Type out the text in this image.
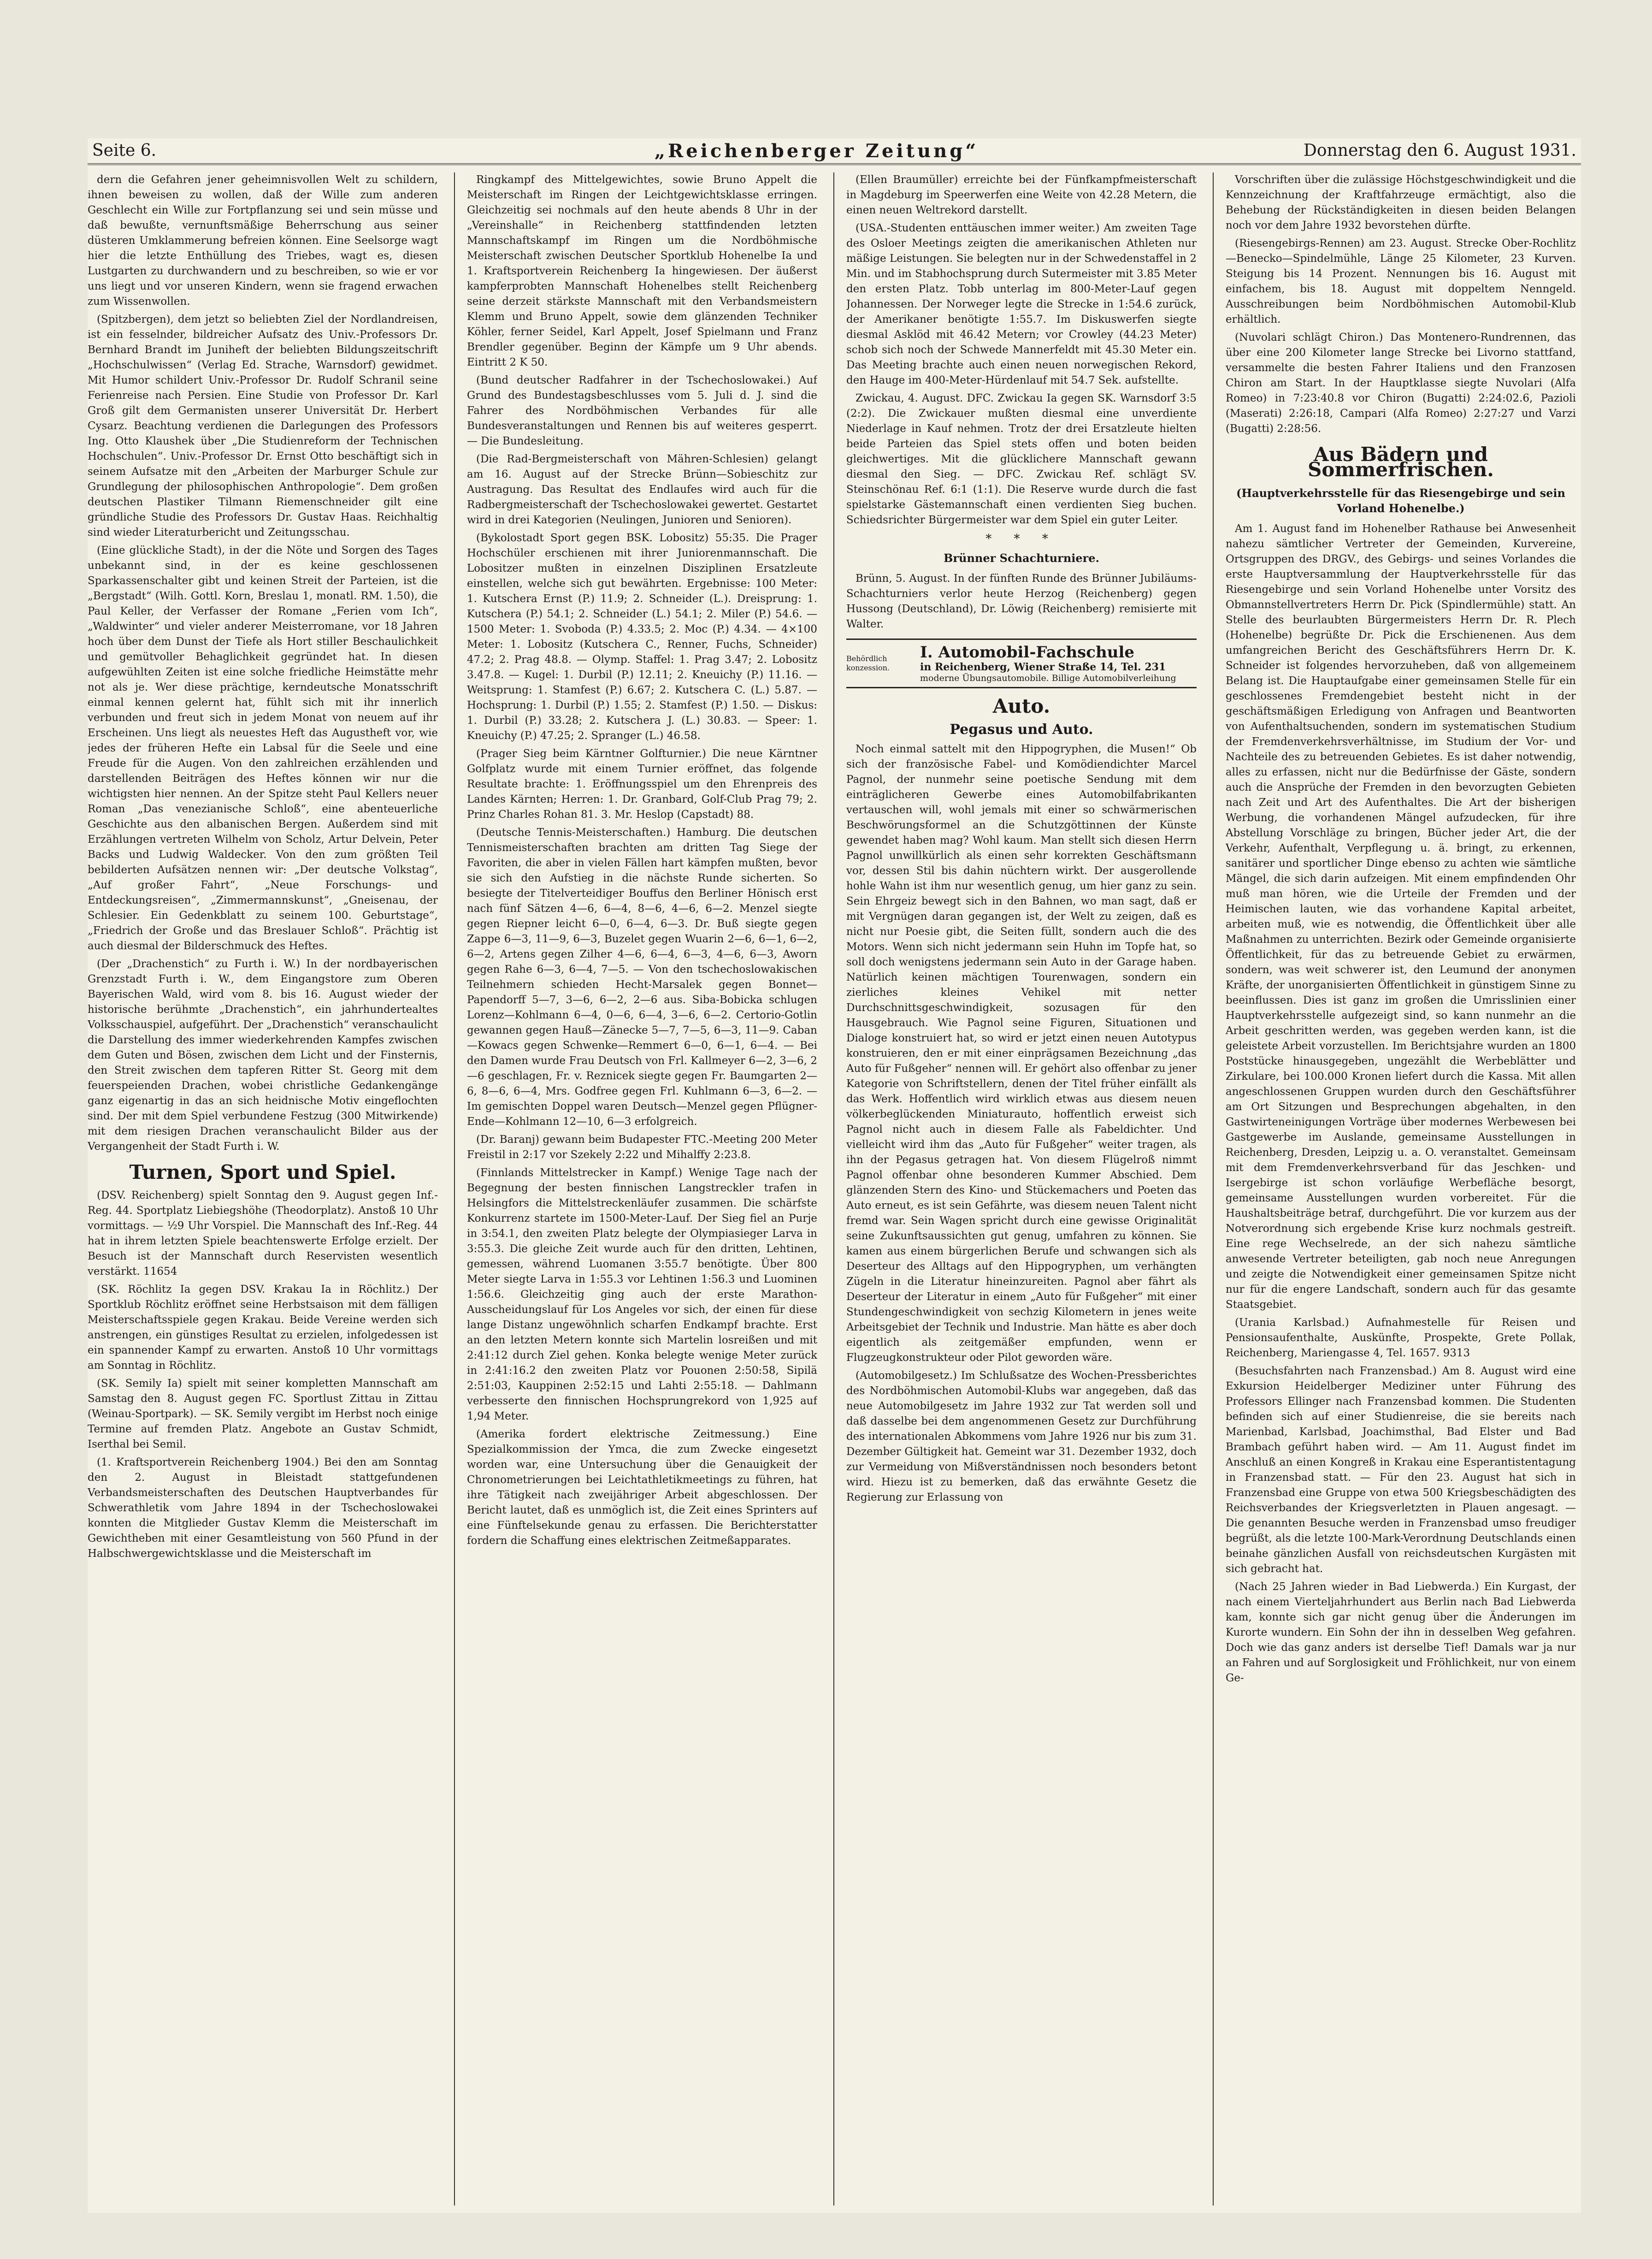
Seite 6.	„Reichenberger Zeitung“	Donnerstag den 6. August 1931.

dern die Gefahren jener geheimnisvollen Welt zu schildern, ihnen beweisen zu wollen, daß der Wille zum anderen Geschlecht ein Wille zur Fortpflanzung sei und sein müsse und daß bewußte, vernunftsmäßige Beherrschung aus seiner düsteren Umklammerung befreien können. Eine Seelsorge wagt hier die letzte Enthüllung des Triebes, wagt es, diesen Lustgarten zu durchwandern und zu beschreiben, so wie er vor uns liegt und vor unseren Kindern, wenn sie fragend erwachen zum Wissenwollen.

(Spitzbergen), dem jetzt so beliebten Ziel der Nordlandreisen, ist ein fesselnder, bildreicher Aufsatz des Univ.-Professors Dr. Bernhard Brandt im Juniheft der beliebten Bildungszeitschrift „Hochschulwissen“ (Verlag Ed. Strache, Warnsdorf) gewidmet. Mit Humor schildert Univ.-Professor Dr. Rudolf Schranil seine Ferienreise nach Persien. Eine Studie von Professor Dr. Karl Groß gilt dem Germanisten unserer Universität Dr. Herbert Cysarz. Beachtung verdienen die Darlegungen des Professors Ing. Otto Klaushek über „Die Studienreform der Technischen Hochschulen“. Univ.-Professor Dr. Ernst Otto beschäftigt sich in seinem Aufsatze mit den „Arbeiten der Marburger Schule zur Grundlegung der philosophischen Anthropologie“. Dem großen deutschen Plastiker Tilmann Riemenschneider gilt eine gründliche Studie des Professors Dr. Gustav Haas. Reichhaltig sind wieder Literaturbericht und Zeitungsschau.

(Eine glückliche Stadt), in der die Nöte und Sorgen des Tages unbekannt sind, in der es keine geschlossenen Sparkassenschalter gibt und keinen Streit der Parteien, ist die „Bergstadt“ (Wilh. Gottl. Korn, Breslau 1, monatl. RM. 1.50), die Paul Keller, der Verfasser der Romane „Ferien vom Ich“, „Waldwinter“ und vieler anderer Meisterromane, vor 18 Jahren hoch über dem Dunst der Tiefe als Hort stiller Beschaulichkeit und gemütvoller Behaglichkeit gegründet hat. In diesen aufgewühlten Zeiten ist eine solche friedliche Heimstätte mehr not als je. Wer diese prächtige, kerndeutsche Monatsschrift einmal kennen gelernt hat, fühlt sich mit ihr innerlich verbunden und freut sich in jedem Monat von neuem auf ihr Erscheinen. Uns liegt als neuestes Heft das Augustheft vor, wie jedes der früheren Hefte ein Labsal für die Seele und eine Freude für die Augen. Von den zahlreichen erzählenden und darstellenden Beiträgen des Heftes können wir nur die wichtigsten hier nennen. An der Spitze steht Paul Kellers neuer Roman „Das venezianische Schloß“, eine abenteuerliche Geschichte aus den albanischen Bergen. Außerdem sind mit Erzählungen vertreten Wilhelm von Scholz, Artur Delvein, Peter Backs und Ludwig Waldecker. Von den zum größten Teil bebilderten Aufsätzen nennen wir: „Der deutsche Volkstag“, „Auf großer Fahrt“, „Neue Forschungs- und Entdeckungsreisen“, „Zimmermannskunst“, „Gneisenau, der Schlesier. Ein Gedenkblatt zu seinem 100. Geburtstage“, „Friedrich der Große und das Breslauer Schloß“. Prächtig ist auch diesmal der Bilderschmuck des Heftes.

(Der „Drachenstich“ zu Furth i. W.) In der nordbayerischen Grenzstadt Furth i. W., dem Eingangstore zum Oberen Bayerischen Wald, wird vom 8. bis 16. August wieder der historische berühmte „Drachenstich“, ein jahrhundertealtes Volksschauspiel, aufgeführt. Der „Drachenstich“ veranschaulicht die Darstellung des immer wiederkehrenden Kampfes zwischen dem Guten und Bösen, zwischen dem Licht und der Finsternis, den Streit zwischen dem tapferen Ritter St. Georg mit dem feuerspeienden Drachen, wobei christliche Gedankengänge ganz eigenartig in das an sich heidnische Motiv eingeflochten sind. Der mit dem Spiel verbundene Festzug (300 Mitwirkende) mit dem riesigen Drachen veranschaulicht Bilder aus der Vergangenheit der Stadt Furth i. W.

Turnen, Sport und Spiel.

(DSV. Reichenberg) spielt Sonntag den 9. August gegen Inf.-Reg. 44. Sportplatz Liebiegshöhe (Theodorplatz). Anstoß 10 Uhr vormittags. — ½9 Uhr Vorspiel. Die Mannschaft des Inf.-Reg. 44 hat in ihrem letzten Spiele beachtenswerte Erfolge erzielt. Der Besuch ist der Mannschaft durch Reservisten wesentlich verstärkt. 11654

(SK. Röchlitz Ia gegen DSV. Krakau Ia in Röchlitz.) Der Sportklub Röchlitz eröffnet seine Herbstsaison mit dem fälligen Meisterschaftsspiele gegen Krakau. Beide Vereine werden sich anstrengen, ein günstiges Resultat zu erzielen, infolgedessen ist ein spannender Kampf zu erwarten. Anstoß 10 Uhr vormittags am Sonntag in Röchlitz.

(SK. Semily Ia) spielt mit seiner kompletten Mannschaft am Samstag den 8. August gegen FC. Sportlust Zittau in Zittau (Weinau-Sportpark). — SK. Semily vergibt im Herbst noch einige Termine auf fremden Platz. Angebote an Gustav Schmidt, Iserthal bei Semil.

(1. Kraftsportverein Reichenberg 1904.) Bei den am Sonntag den 2. August in Bleistadt stattgefundenen Verbandsmeisterschaften des Deutschen Hauptverbandes für Schwerathletik vom Jahre 1894 in der Tschechoslowakei konnten die Mitglieder Gustav Klemm die Meisterschaft im Gewichtheben mit einer Gesamtleistung von 560 Pfund in der Halbschwergewichtsklasse und die Meisterschaft im

Ringkampf des Mittelgewichtes, sowie Bruno Appelt die Meisterschaft im Ringen der Leichtgewichtsklasse erringen. Gleichzeitig sei nochmals auf den heute abends 8 Uhr in der „Vereinshalle“ in Reichenberg stattfindenden letzten Mannschaftskampf im Ringen um die Nordböhmische Meisterschaft zwischen Deutscher Sportklub Hohenelbe Ia und 1. Kraftsportverein Reichenberg Ia hingewiesen. Der äußerst kampferprobten Mannschaft Hohenelbes stellt Reichenberg seine derzeit stärkste Mannschaft mit den Verbandsmeistern Klemm und Bruno Appelt, sowie dem glänzenden Techniker Köhler, ferner Seidel, Karl Appelt, Josef Spielmann und Franz Brendler gegenüber. Beginn der Kämpfe um 9 Uhr abends. Eintritt 2 K 50.

(Bund deutscher Radfahrer in der Tschechoslowakei.) Auf Grund des Bundestagsbeschlusses vom 5. Juli d. J. sind die Fahrer des Nordböhmischen Verbandes für alle Bundesveranstaltungen und Rennen bis auf weiteres gesperrt. — Die Bundesleitung.

(Die Rad-Bergmeisterschaft von Mähren-Schlesien) gelangt am 16. August auf der Strecke Brünn—Sobieschitz zur Austragung. Das Resultat des Endlaufes wird auch für die Radbergmeisterschaft der Tschechoslowakei gewertet. Gestartet wird in drei Kategorien (Neulingen, Junioren und Senioren).

(Bykolostadt Sport gegen BSK. Lobositz) 55:35. Die Prager Hochschüler erschienen mit ihrer Juniorenmannschaft. Die Lobositzer mußten in einzelnen Disziplinen Ersatzleute einstellen, welche sich gut bewährten. Ergebnisse: 100 Meter: 1. Kutschera Ernst (P.) 11.9; 2. Schneider (L.). Dreisprung: 1. Kutschera (P.) 54.1; 2. Schneider (L.) 54.1; 2. Miler (P.) 54.6. — 1500 Meter: 1. Svoboda (P.) 4.33.5; 2. Moc (P.) 4.34. — 4×100 Meter: 1. Lobositz (Kutschera C., Renner, Fuchs, Schneider) 47.2; 2. Prag 48.8. — Olymp. Staffel: 1. Prag 3.47; 2. Lobositz 3.47.8. — Kugel: 1. Durbil (P.) 12.11; 2. Kneuichy (P.) 11.16. — Weitsprung: 1. Stamfest (P.) 6.67; 2. Kutschera C. (L.) 5.87. — Hochsprung: 1. Durbil (P.) 1.55; 2. Stamfest (P.) 1.50. — Diskus: 1. Durbil (P.) 33.28; 2. Kutschera J. (L.) 30.83. — Speer: 1. Kneuichy (P.) 47.25; 2. Spranger (L.) 46.58.

(Prager Sieg beim Kärntner Golfturnier.) Die neue Kärntner Golfplatz wurde mit einem Turnier eröffnet, das folgende Resultate brachte: 1. Eröffnungsspiel um den Ehrenpreis des Landes Kärnten; Herren: 1. Dr. Granbard, Golf-Club Prag 79; 2. Prinz Charles Rohan 81. 3. Mr. Heslop (Capstadt) 88.

(Deutsche Tennis-Meisterschaften.) Hamburg. Die deutschen Tennismeisterschaften brachten am dritten Tag Siege der Favoriten, die aber in vielen Fällen hart kämpfen mußten, bevor sie sich den Aufstieg in die nächste Runde sicherten. So besiegte der Titelverteidiger Bouffus den Berliner Hönisch erst nach fünf Sätzen 4—6, 6—4, 8—6, 4—6, 6—2. Menzel siegte gegen Riepner leicht 6—0, 6—4, 6—3. Dr. Buß siegte gegen Zappe 6—3, 11—9, 6—3, Buzelet gegen Wuarin 2—6, 6—1, 6—2, 6—2, Artens gegen Zilher 4—6, 6—4, 6—3, 4—6, 6—3, Aworn gegen Rahe 6—3, 6—4, 7—5. — Von den tschechoslowakischen Teilnehmern schieden Hecht-Marsalek gegen Bonnet—Papendorff 5—7, 3—6, 6—2, 2—6 aus. Siba-Bobicka schlugen Lorenz—Kohlmann 6—4, 0—6, 6—4, 3—6, 6—2. Certorio-Gotlin gewannen gegen Hauß—Zänecke 5—7, 7—5, 6—3, 11—9. Caban—Kowacs gegen Schwenke—Remmert 6—0, 6—1, 6—4. — Bei den Damen wurde Frau Deutsch von Frl. Kallmeyer 6—2, 3—6, 2—6 geschlagen, Fr. v. Reznicek siegte gegen Fr. Baumgarten 2—6, 8—6, 6—4, Mrs. Godfree gegen Frl. Kuhlmann 6—3, 6—2. — Im gemischten Doppel waren Deutsch—Menzel gegen Pflügner-Ende—Kohlmann 12—10, 6—3 erfolgreich.

(Dr. Baranj) gewann beim Budapester FTC.-Meeting 200 Meter Freistil in 2:17 vor Szekely 2:22 und Mihalffy 2:23.8.

(Finnlands Mittelstrecker in Kampf.) Wenige Tage nach der Begegnung der besten finnischen Langstreckler trafen in Helsingfors die Mittelstreckenläufer zusammen. Die schärfste Konkurrenz startete im 1500-Meter-Lauf. Der Sieg fiel an Purje in 3:54.1, den zweiten Platz belegte der Olympiasieger Larva in 3:55.3. Die gleiche Zeit wurde auch für den dritten, Lehtinen, gemessen, während Luomanen 3:55.7 benötigte. Über 800 Meter siegte Larva in 1:55.3 vor Lehtinen 1:56.3 und Luominen 1:56.6. Gleichzeitig ging auch der erste Marathon-Ausscheidungslauf für Los Angeles vor sich, der einen für diese lange Distanz ungewöhnlich scharfen Endkampf brachte. Erst an den letzten Metern konnte sich Martelin losreißen und mit 2:41:12 durch Ziel gehen. Konka belegte wenige Meter zurück in 2:41:16.2 den zweiten Platz vor Pouonen 2:50:58, Sipilä 2:51:03, Kauppinen 2:52:15 und Lahti 2:55:18. — Dahlmann verbesserte den finnischen Hochsprungrekord von 1,925 auf 1,94 Meter.

(Amerika fordert elektrische Zeitmessung.) Eine Spezialkommission der Ymca, die zum Zwecke eingesetzt worden war, eine Untersuchung über die Genauigkeit der Chronometrierungen bei Leichtathletikmeetings zu führen, hat ihre Tätigkeit nach zweijähriger Arbeit abgeschlossen. Der Bericht lautet, daß es unmöglich ist, die Zeit eines Sprinters auf eine Fünftelsekunde genau zu erfassen. Die Berichterstatter fordern die Schaffung eines elektrischen Zeitmeßapparates.

(Ellen Braumüller) erreichte bei der Fünfkampfmeisterschaft in Magdeburg im Speerwerfen eine Weite von 42.28 Metern, die einen neuen Weltrekord darstellt.

(USA.-Studenten enttäuschen immer weiter.) Am zweiten Tage des Osloer Meetings zeigten die amerikanischen Athleten nur mäßige Leistungen. Sie belegten nur in der Schwedenstaffel in 2 Min. und im Stabhochsprung durch Sutermeister mit 3.85 Meter den ersten Platz. Tobb unterlag im 800-Meter-Lauf gegen Johannessen. Der Norweger legte die Strecke in 1:54.6 zurück, der Amerikaner benötigte 1:55.7. Im Diskuswerfen siegte diesmal Asklöd mit 46.42 Metern; vor Crowley (44.23 Meter) schob sich noch der Schwede Mannerfeldt mit 45.30 Meter ein. Das Meeting brachte auch einen neuen norwegischen Rekord, den Hauge im 400-Meter-Hürdenlauf mit 54.7 Sek. aufstellte.

Zwickau, 4. August. DFC. Zwickau Ia gegen SK. Warnsdorf 3:5 (2:2). Die Zwickauer mußten diesmal eine unverdiente Niederlage in Kauf nehmen. Trotz der drei Ersatzleute hielten beide Parteien das Spiel stets offen und boten beiden gleichwertiges. Mit die glücklichere Mannschaft gewann diesmal den Sieg. — DFC. Zwickau Ref. schlägt SV. Steinschönau Ref. 6:1 (1:1). Die Reserve wurde durch die fast spielstarke Gästemannschaft einen verdienten Sieg buchen. Schiedsrichter Bürgermeister war dem Spiel ein guter Leiter.

* * *
Brünner Schachturniere.

Brünn, 5. August. In der fünften Runde des Brünner Jubiläums-Schachturniers verlor heute Herzog (Reichenberg) gegen Hussong (Deutschland), Dr. Löwig (Reichenberg) remisierte mit Walter.

Behördlich konzession.
I. Automobil-Fachschule
in Reichenberg, Wiener Straße 14, Tel. 231
moderne Übungsautomobile. Billige Automobilverleihung
Auto.
Pegasus und Auto.

Noch einmal sattelt mit den Hippogryphen, die Musen!“ Ob sich der französische Fabel- und Komödiendichter Marcel Pagnol, der nunmehr seine poetische Sendung mit dem einträglicheren Gewerbe eines Automobilfabrikanten vertauschen will, wohl jemals mit einer so schwärmerischen Beschwörungsformel an die Schutzgöttinnen der Künste gewendet haben mag? Wohl kaum. Man stellt sich diesen Herrn Pagnol unwillkürlich als einen sehr korrekten Geschäftsmann vor, dessen Stil bis dahin nüchtern wirkt. Der ausgerollende hohle Wahn ist ihm nur wesentlich genug, um hier ganz zu sein. Sein Ehrgeiz bewegt sich in den Bahnen, wo man sagt, daß er mit Vergnügen daran gegangen ist, der Welt zu zeigen, daß es nicht nur Poesie gibt, die Seiten füllt, sondern auch die des Motors. Wenn sich nicht jedermann sein Huhn im Topfe hat, so soll doch wenigstens jedermann sein Auto in der Garage haben. Natürlich keinen mächtigen Tourenwagen, sondern ein zierliches kleines Vehikel mit netter Durchschnittsgeschwindigkeit, sozusagen für den Hausgebrauch. Wie Pagnol seine Figuren, Situationen und Dialoge konstruiert hat, so wird er jetzt einen neuen Autotypus konstruieren, den er mit einer einprägsamen Bezeichnung „das Auto für Fußgeher“ nennen will. Er gehört also offenbar zu jener Kategorie von Schriftstellern, denen der Titel früher einfällt als das Werk. Hoffentlich wird wirklich etwas aus diesem neuen völkerbeglückenden Miniaturauto, hoffentlich erweist sich Pagnol nicht auch in diesem Falle als Fabeldichter. Und vielleicht wird ihm das „Auto für Fußgeher“ weiter tragen, als ihn der Pegasus getragen hat. Von diesem Flügelroß nimmt Pagnol offenbar ohne besonderen Kummer Abschied. Dem glänzenden Stern des Kino- und Stückemachers und Poeten das Auto erneut, es ist sein Gefährte, was diesem neuen Talent nicht fremd war. Sein Wagen spricht durch eine gewisse Originalität seine Zukunftsaussichten gut genug, umfahren zu können. Sie kamen aus einem bürgerlichen Berufe und schwangen sich als Deserteur des Alltags auf den Hippogryphen, um verhängten Zügeln in die Literatur hineinzureiten. Pagnol aber fährt als Deserteur der Literatur in einem „Auto für Fußgeher“ mit einer Stundengeschwindigkeit von sechzig Kilometern in jenes weite Arbeitsgebiet der Technik und Industrie. Man hätte es aber doch eigentlich als zeitgemäßer empfunden, wenn er Flugzeugkonstrukteur oder Pilot geworden wäre.

(Automobilgesetz.) Im Schlußsatze des Wochen-Pressberichtes des Nordböhmischen Automobil-Klubs war angegeben, daß das neue Automobilgesetz im Jahre 1932 zur Tat werden soll und daß dasselbe bei dem angenommenen Gesetz zur Durchführung des internationalen Abkommens vom Jahre 1926 nur bis zum 31. Dezember Gültigkeit hat. Gemeint war 31. Dezember 1932, doch zur Vermeidung von Mißverständnissen noch besonders betont wird. Hiezu ist zu bemerken, daß das erwähnte Gesetz die Regierung zur Erlassung von

Vorschriften über die zulässige Höchstgeschwindigkeit und die Kennzeichnung der Kraftfahrzeuge ermächtigt, also die Behebung der Rückständigkeiten in diesen beiden Belangen noch vor dem Jahre 1932 bevorstehen dürfte.

(Riesengebirgs-Rennen) am 23. August. Strecke Ober-Rochlitz—Benecko—Spindelmühle, Länge 25 Kilometer, 23 Kurven. Steigung bis 14 Prozent. Nennungen bis 16. August mit einfachem, bis 18. August mit doppeltem Nenngeld. Ausschreibungen beim Nordböhmischen Automobil-Klub erhältlich.

(Nuvolari schlägt Chiron.) Das Montenero-Rundrennen, das über eine 200 Kilometer lange Strecke bei Livorno stattfand, versammelte die besten Fahrer Italiens und den Franzosen Chiron am Start. In der Hauptklasse siegte Nuvolari (Alfa Romeo) in 7:23:40.8 vor Chiron (Bugatti) 2:24:02.6, Pazioli (Maserati) 2:26:18, Campari (Alfa Romeo) 2:27:27 und Varzi (Bugatti) 2:28:56.

Aus Bädern und Sommerfrischen.
(Hauptverkehrsstelle für das Riesengebirge und sein Vorland Hohenelbe.)

Am 1. August fand im Hohenelber Rathause bei Anwesenheit nahezu sämtlicher Vertreter der Gemeinden, Kurvereine, Ortsgruppen des DRGV., des Gebirgs- und seines Vorlandes die erste Hauptversammlung der Hauptverkehrsstelle für das Riesengebirge und sein Vorland Hohenelbe unter Vorsitz des Obmannstellvertreters Herrn Dr. Pick (Spindlermühle) statt. An Stelle des beurlaubten Bürgermeisters Herrn Dr. R. Plech (Hohenelbe) begrüßte Dr. Pick die Erschienenen. Aus dem umfangreichen Bericht des Geschäftsführers Herrn Dr. K. Schneider ist folgendes hervorzuheben, daß von allgemeinem Belang ist. Die Hauptaufgabe einer gemeinsamen Stelle für ein geschlossenes Fremdengebiet besteht nicht in der geschäftsmäßigen Erledigung von Anfragen und Beantworten von Aufenthaltsuchenden, sondern im systematischen Studium der Fremdenverkehrsverhältnisse, im Studium der Vor- und Nachteile des zu betreuenden Gebietes. Es ist daher notwendig, alles zu erfassen, nicht nur die Bedürfnisse der Gäste, sondern auch die Ansprüche der Fremden in den bevorzugten Gebieten nach Zeit und Art des Aufenthaltes. Die Art der bisherigen Werbung, die vorhandenen Mängel aufzudecken, für ihre Abstellung Vorschläge zu bringen, Bücher jeder Art, die der Verkehr, Aufenthalt, Verpflegung u. ä. bringt, zu erkennen, sanitärer und sportlicher Dinge ebenso zu achten wie sämtliche Mängel, die sich darin aufzeigen. Mit einem empfindenden Ohr muß man hören, wie die Urteile der Fremden und der Heimischen lauten, wie das vorhandene Kapital arbeitet, arbeiten muß, wie es notwendig, die Öffentlichkeit über alle Maßnahmen zu unterrichten. Bezirk oder Gemeinde organisierte Öffentlichkeit, für das zu betreuende Gebiet zu erwärmen, sondern, was weit schwerer ist, den Leumund der anonymen Kräfte, der unorganisierten Öffentlichkeit in günstigem Sinne zu beeinflussen. Dies ist ganz im großen die Umrisslinien einer Hauptverkehrsstelle aufgezeigt sind, so kann nunmehr an die Arbeit geschritten werden, was gegeben werden kann, ist die geleistete Arbeit vorzustellen. Im Berichtsjahre wurden an 1800 Poststücke hinausgegeben, ungezählt die Werbeblätter und Zirkulare, bei 100.000 Kronen liefert durch die Kassa. Mit allen angeschlossenen Gruppen wurden durch den Geschäftsführer am Ort Sitzungen und Besprechungen abgehalten, in den Gastwirteneinigungen Vorträge über modernes Werbewesen bei Gastgewerbe im Auslande, gemeinsame Ausstellungen in Reichenberg, Dresden, Leipzig u. a. O. veranstaltet. Gemeinsam mit dem Fremdenverkehrsverband für das Jeschken- und Isergebirge ist schon vorläufige Werbefläche besorgt, gemeinsame Ausstellungen wurden vorbereitet. Für die Haushaltsbeiträge betraf, durchgeführt. Die vor kurzem aus der Notverordnung sich ergebende Krise kurz nochmals gestreift. Eine rege Wechselrede, an der sich nahezu sämtliche anwesende Vertreter beteiligten, gab noch neue Anregungen und zeigte die Notwendigkeit einer gemeinsamen Spitze nicht nur für die engere Landschaft, sondern auch für das gesamte Staatsgebiet.

(Urania Karlsbad.) Aufnahmestelle für Reisen und Pensionsaufenthalte, Auskünfte, Prospekte, Grete Pollak, Reichenberg, Mariengasse 4, Tel. 1657. 9313

(Besuchsfahrten nach Franzensbad.) Am 8. August wird eine Exkursion Heidelberger Mediziner unter Führung des Professors Ellinger nach Franzensbad kommen. Die Studenten befinden sich auf einer Studienreise, die sie bereits nach Marienbad, Karlsbad, Joachimsthal, Bad Elster und Bad Brambach geführt haben wird. — Am 11. August findet im Anschluß an einen Kongreß in Krakau eine Esperantistentagung in Franzensbad statt. — Für den 23. August hat sich in Franzensbad eine Gruppe von etwa 500 Kriegsbeschädigten des Reichsverbandes der Kriegsverletzten in Plauen angesagt. — Die genannten Besuche werden in Franzensbad umso freudiger begrüßt, als die letzte 100-Mark-Verordnung Deutschlands einen beinahe gänzlichen Ausfall von reichsdeutschen Kurgästen mit sich gebracht hat.

(Nach 25 Jahren wieder in Bad Liebwerda.) Ein Kurgast, der nach einem Vierteljahrhundert aus Berlin nach Bad Liebwerda kam, konnte sich gar nicht genug über die Änderungen im Kurorte wundern. Ein Sohn der ihn in desselben Weg gefahren. Doch wie das ganz anders ist derselbe Tief! Damals war ja nur an Fahren und auf Sorglosigkeit und Fröhlichkeit, nur von einem Ge-
